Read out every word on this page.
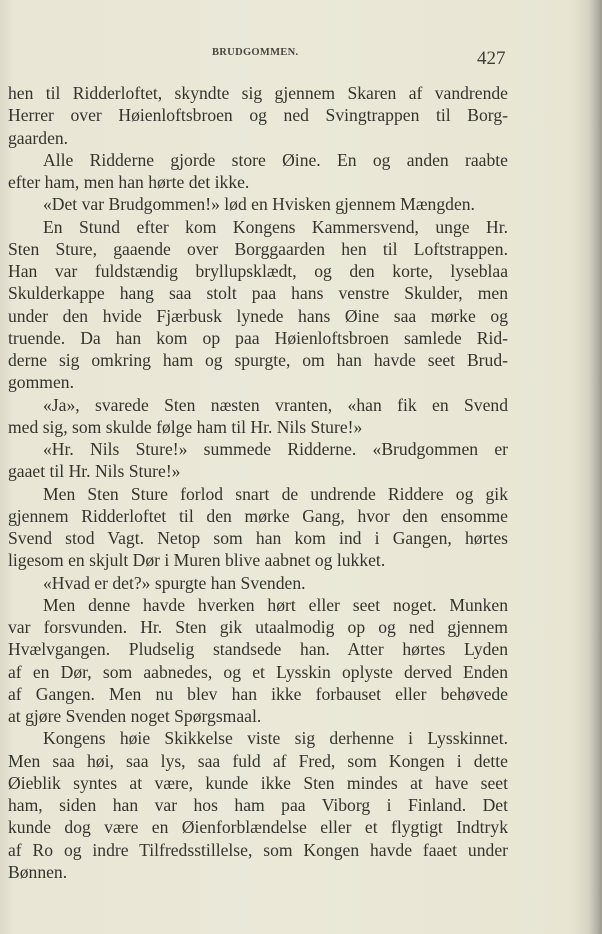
BRUDGOMMEN.	427
hen til Ridderloftet, skyndte sig gjennem Skaren af vandrende
Herrer over Høienloftsbroen og ned Svingtrappen til Borg-
gaarden.
Alle Ridderne gjorde store Øine. En og anden raabte
efter ham, men han hørte det ikke.
«Det var Brudgommen!» lød en Hvisken gjennem Mængden.
En Stund efter kom Kongens Kammersvend, unge Hr.
Sten Sture, gaaende over Borggaarden hen til Loftstrappen.
Han var fuldstændig bryllupsklædt, og den korte, lyseblaa
Skulderkappe hang saa stolt paa hans venstre Skulder, men
under den hvide Fjærbusk lynede hans Øine saa mørke og
truende. Da han kom op paa Høienloftsbroen samlede Rid-
derne sig omkring ham og spurgte, om han havde seet Brud-
gommen.
«Ja», svarede Sten næsten vranten, «han fik en Svend
med sig, som skulde følge ham til Hr. Nils Sture!»
«Hr. Nils Sture!» summede Ridderne. «Brudgommen er
gaaet til Hr. Nils Sture!»
Men Sten Sture forlod snart de undrende Riddere og gik
gjennem Ridderloftet til den mørke Gang, hvor den ensomme
Svend stod Vagt. Netop som han kom ind i Gangen, hørtes
ligesom en skjult Dør i Muren blive aabnet og lukket.
«Hvad er det?» spurgte han Svenden.
Men denne havde hverken hørt eller seet noget. Munken
var forsvunden. Hr. Sten gik utaalmodig op og ned gjennem
Hvælvgangen. Pludselig standsede han. Atter hørtes Lyden
af en Dør, som aabnedes, og et Lysskin oplyste derved Enden
af Gangen. Men nu blev han ikke forbauset eller behøvede
at gjøre Svenden noget Spørgsmaal.
Kongens høie Skikkelse viste sig derhenne i Lysskinnet.
Men saa høi, saa lys, saa fuld af Fred, som Kongen i dette
Øieblik syntes at være, kunde ikke Sten mindes at have seet
ham, siden han var hos ham paa Viborg i Finland. Det
kunde dog være en Øienforblændelse eller et flygtigt Indtryk
af Ro og indre Tilfredsstillelse, som Kongen havde faaet under
Bønnen.
